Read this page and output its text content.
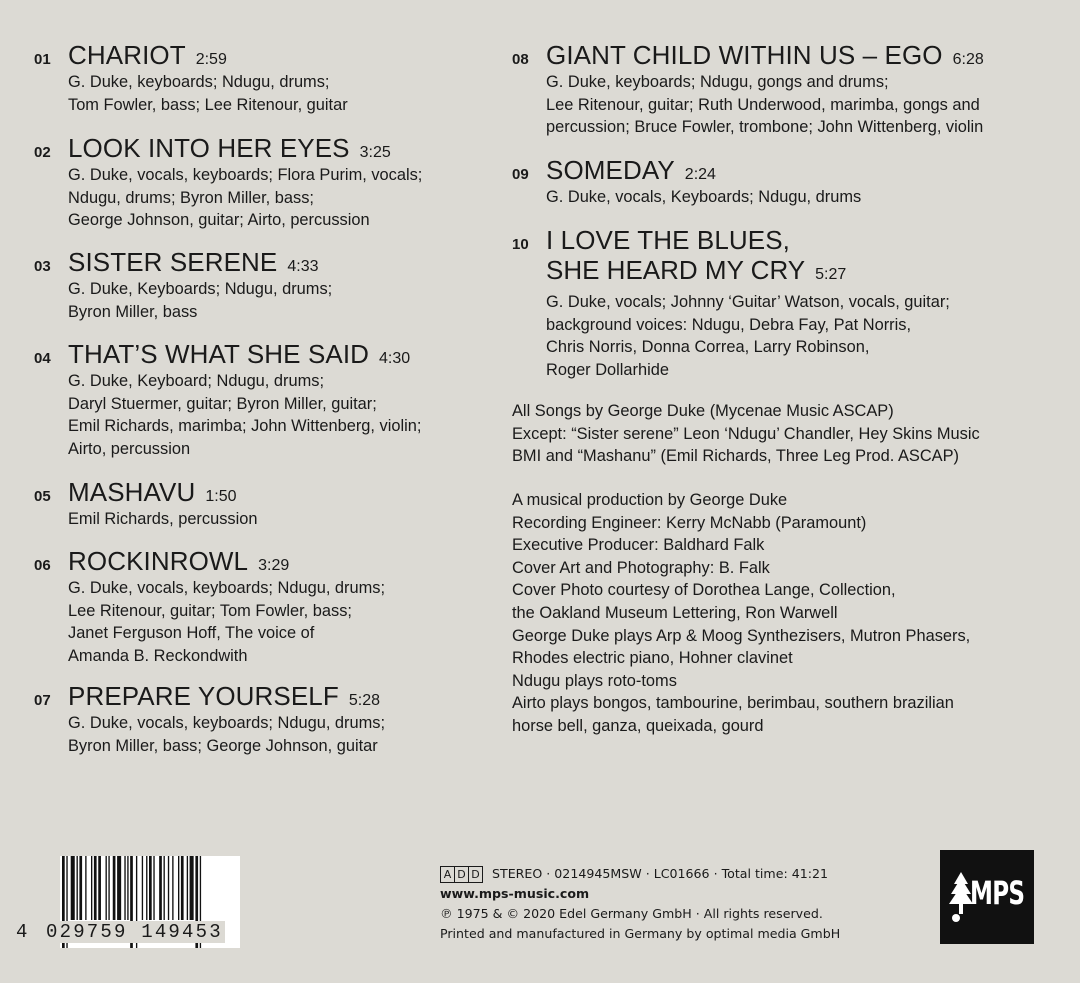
All Songs by George Duke (Mycenae Music ASCAP)
Except: “Sister serene” Leon ‘Ndugu’ Chandler, Hey Skins Music
BMI and “Mashanu” (Emil Richards, Three Leg Prod. ASCAP)
A musical production by George Duke
Recording Engineer: Kerry McNabb (Paramount)
Executive Producer: Baldhard Falk
Cover Art and Photography: B. Falk
Cover Photo courtesy of Dorothea Lange, Collection,
the Oakland Museum Lettering, Ron Warwell
George Duke plays Arp & Moog Synthezisers, Mutron Phasers,
Rhodes electric piano, Hohner clavinet
Ndugu plays roto-toms
Airto plays bongos, tambourine, berimbau, southern brazilian
horse bell, ganza, queixada, gourd
4 029759 149453
A D D STEREO · 0214945MSW · LC01666 · Total time: 41:21
www.mps-music.com
℗ 1975 & © 2020 Edel Germany GmbH · All rights reserved.
Printed and manufactured in Germany by optimal media GmbH
MPS
01 CHARIOT 2:59
G. Duke, keyboards; Ndugu, drums;
Tom Fowler, bass; Lee Ritenour, guitar
02 LOOK INTO HER EYES 3:25
G. Duke, vocals, keyboards; Flora Purim, vocals;
Ndugu, drums; Byron Miller, bass;
George Johnson, guitar; Airto, percussion
03 SISTER SERENE 4:33
G. Duke, Keyboards; Ndugu, drums;
Byron Miller, bass
04 THAT’S WHAT SHE SAID 4:30
G. Duke, Keyboard; Ndugu, drums;
Daryl Stuermer, guitar; Byron Miller, guitar;
Emil Richards, marimba; John Wittenberg, violin;
Airto, percussion
05 MASHAVU 1:50
Emil Richards, percussion
06 ROCKINROWL 3:29
G. Duke, vocals, keyboards; Ndugu, drums;
Lee Ritenour, guitar; Tom Fowler, bass;
Janet Ferguson Hoff, The voice of
Amanda B. Reckondwith
07 PREPARE YOURSELF 5:28
G. Duke, vocals, keyboards; Ndugu, drums;
Byron Miller, bass; George Johnson, guitar
08 GIANT CHILD WITHIN US – EGO 6:28
G. Duke, keyboards; Ndugu, gongs and drums;
Lee Ritenour, guitar; Ruth Underwood, marimba, gongs and
percussion; Bruce Fowler, trombone; John Wittenberg, violin
09 SOMEDAY 2:24
G. Duke, vocals, Keyboards; Ndugu, drums
10 I LOVE THE BLUES,
SHE HEARD MY CRY 5:27
G. Duke, vocals; Johnny ‘Guitar’ Watson, vocals, guitar;
background voices: Ndugu, Debra Fay, Pat Norris,
Chris Norris, Donna Correa, Larry Robinson,
Roger Dollarhide
